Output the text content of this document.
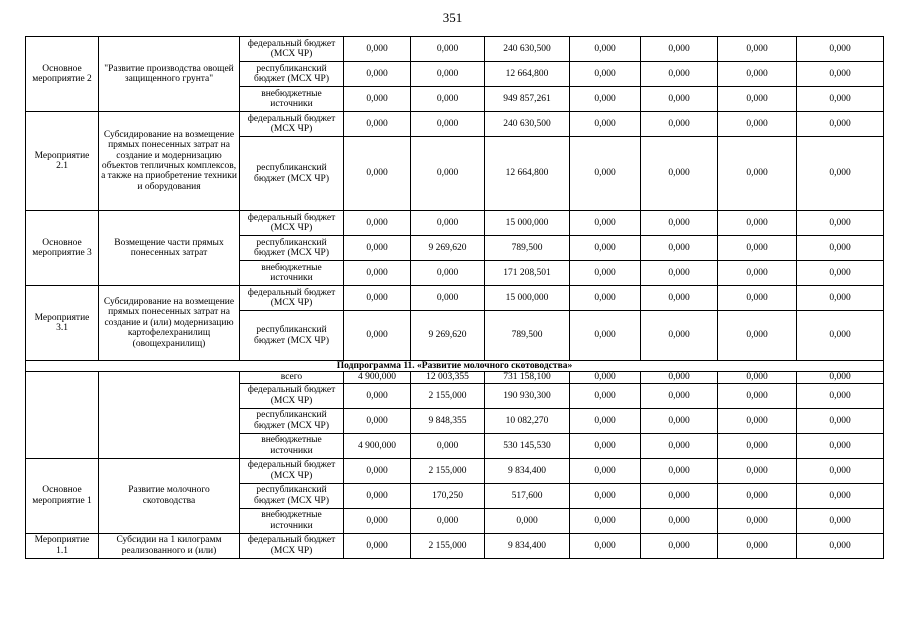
351
Основное мероприятие 2	"Развитие производства овощей защищенного грунта"	федеральный бюджет (МСХ ЧР)	0,000	0,000	240 630,500	0,000	0,000	0,000	0,000
		республиканский бюджет (МСХ ЧР)	0,000	0,000	12 664,800	0,000	0,000	0,000	0,000
		внебюджетные источники	0,000	0,000	949 857,261	0,000	0,000	0,000	0,000
Мероприятие 2.1	Субсидирование на возмещение прямых понесенных затрат на создание и модернизацию объектов тепличных комплексов, а также на приобретение техники и оборудования	федеральный бюджет (МСХ ЧР)	0,000	0,000	240 630,500	0,000	0,000	0,000	0,000
		республиканский бюджет (МСХ ЧР)	0,000	0,000	12 664,800	0,000	0,000	0,000	0,000
Основное мероприятие 3	Возмещение части прямых понесенных затрат	федеральный бюджет (МСХ ЧР)	0,000	0,000	15 000,000	0,000	0,000	0,000	0,000
		республиканский бюджет (МСХ ЧР)	0,000	9 269,620	789,500	0,000	0,000	0,000	0,000
		внебюджетные источники	0,000	0,000	171 208,501	0,000	0,000	0,000	0,000
Мероприятие 3.1	Субсидирование на возмещение прямых понесенных затрат на создание и (или) модернизацию картофелехранилищ (овощехранилищ)	федеральный бюджет (МСХ ЧР)	0,000	0,000	15 000,000	0,000	0,000	0,000	0,000
		республиканский бюджет (МСХ ЧР)	0,000	9 269,620	789,500	0,000	0,000	0,000	0,000
Подпрограмма 11. «Развитие молочного скотоводства»									
		всего	4 900,000	12 003,355	731 158,100	0,000	0,000	0,000	0,000
		федеральный бюджет (МСХ ЧР)	0,000	2 155,000	190 930,300	0,000	0,000	0,000	0,000
		республиканский бюджет (МСХ ЧР)	0,000	9 848,355	10 082,270	0,000	0,000	0,000	0,000
		внебюджетные источники	4 900,000	0,000	530 145,530	0,000	0,000	0,000	0,000
Основное мероприятие 1	Развитие молочного скотоводства	федеральный бюджет (МСХ ЧР)	0,000	2 155,000	9 834,400	0,000	0,000	0,000	0,000
		республиканский бюджет (МСХ ЧР)	0,000	170,250	517,600	0,000	0,000	0,000	0,000
		внебюджетные источники	0,000	0,000	0,000	0,000	0,000	0,000	0,000
Мероприятие 1.1	Субсидии на 1 килограмм реализованного и (или)	федеральный бюджет (МСХ ЧР)	0,000	2 155,000	9 834,400	0,000	0,000	0,000	0,000
